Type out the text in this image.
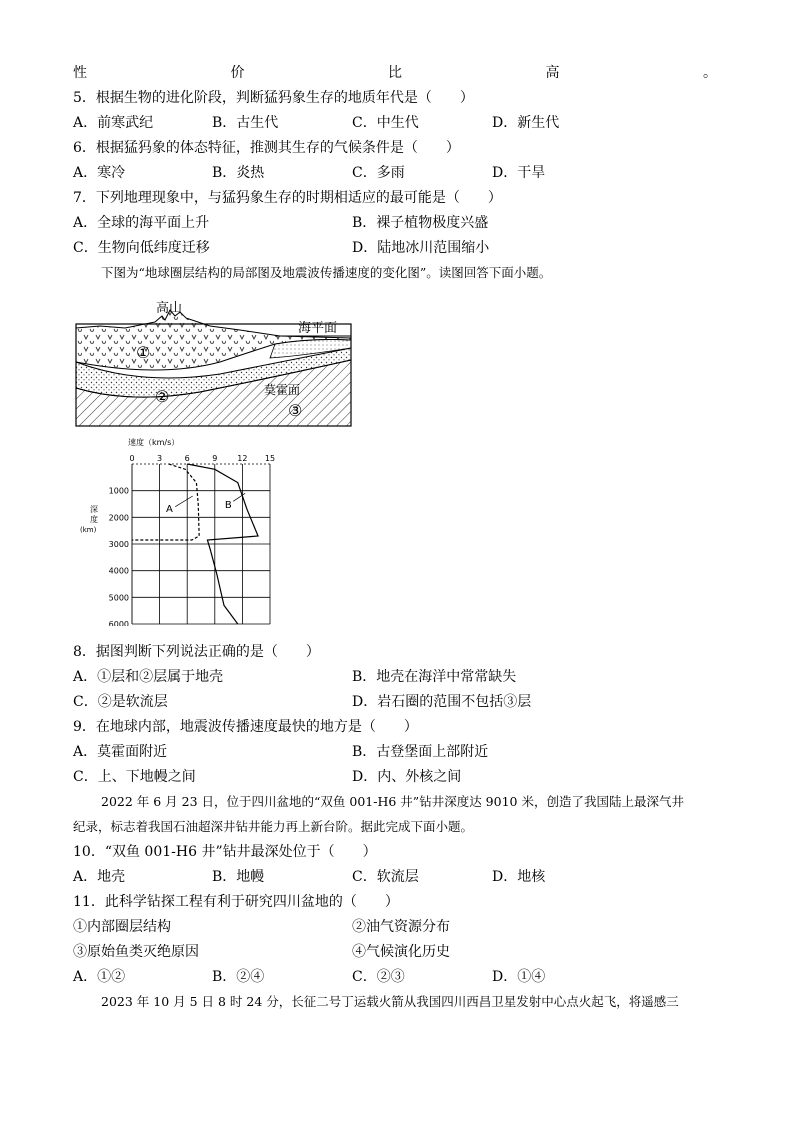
性	价	比	高	。
5．根据生物的进化阶段，判断猛犸象生存的地质年代是（　　）
A．前寒武纪	B．古生代	C．中生代	D．新生代
6．根据猛犸象的体态特征，推测其生存的气候条件是（　　）
A．寒冷	B．炎热	C．多雨	D．干旱
7．下列地理现象中，与猛犸象生存的时期相适应的最可能是（　　）
A．全球的海平面上升	B．裸子植物极度兴盛
C．生物向低纬度迁移	D．陆地冰川范围缩小
下图为“地球圈层结构的局部图及地震波传播速度的变化图”。读图回答下面小题。
高山
海平面
莫霍面
①
②
③
速度（km/s）
深
度
(km)
0	3	6	9 12 15
1000
2000
3000
4000
5000
6000
A	B
8．据图判断下列说法正确的是（　　）
A．①层和②层属于地壳	B．地壳在海洋中常常缺失
C．②是软流层	D．岩石圈的范围不包括③层
9．在地球内部，地震波传播速度最快的地方是（　　）
A．莫霍面附近	B．古登堡面上部附近
C．上、下地幔之间	D．内、外核之间
2022 年 6 月 23 日，位于四川盆地的“双鱼 001-H6 井”钻井深度达 9010 米，创造了我国陆上最深气井
纪录，标志着我国石油超深井钻井能力再上新台阶。据此完成下面小题。
10．“双鱼 001-H6 井”钻井最深处位于（　　）
A．地壳	B．地幔	C．软流层	D．地核
11．此科学钻探工程有利于研究四川盆地的（　　）
①内部圈层结构	②油气资源分布
③原始鱼类灭绝原因	④气候演化历史
A．①②	B．②④	C．②③	D．①④
2023 年 10 月 5 日 8 时 24 分，长征二号丁运载火箭从我国四川西昌卫星发射中心点火起飞，将遥感三
